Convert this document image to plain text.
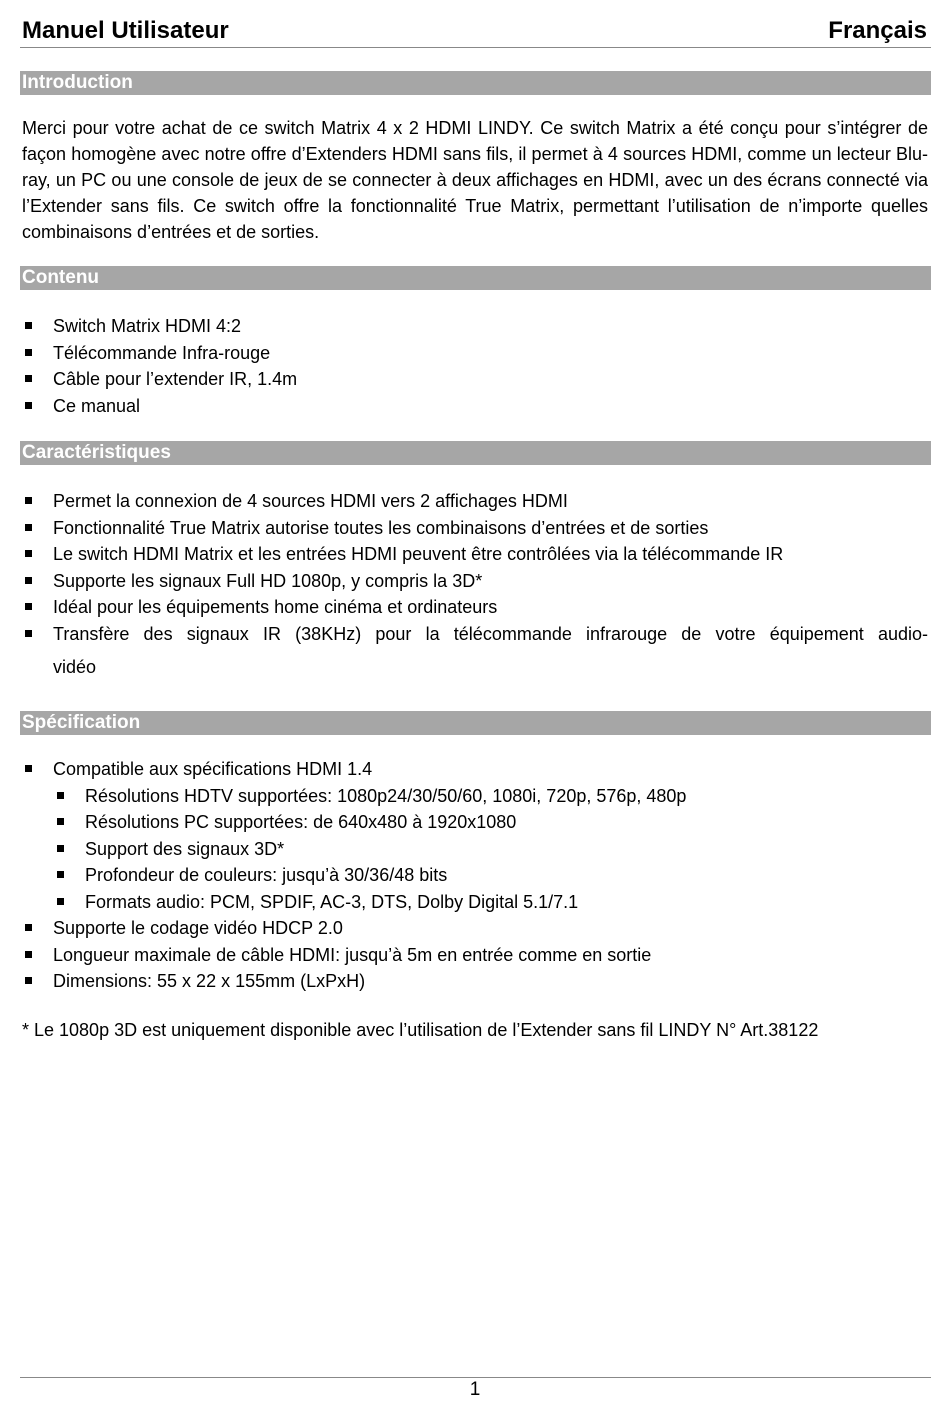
Manuel Utilisateur	Français
Introduction
Merci pour votre achat de ce switch Matrix 4 x 2 HDMI LINDY. Ce switch Matrix a été conçu pour s’intégrer de façon homogène avec notre offre d’Extenders HDMI sans fils, il permet à 4 sources HDMI, comme un lecteur Blu-ray, un PC ou une console de jeux de se connecter à deux affichages en HDMI, avec un des écrans connecté via l’Extender sans fils. Ce switch offre la fonctionnalité True Matrix, permettant l’utilisation de n’importe quelles combinaisons d’entrées et de sorties.
Contenu
Switch Matrix HDMI 4:2
Télécommande Infra-rouge
Câble pour l’extender IR, 1.4m
Ce manual
Caractéristiques
Permet la connexion de 4 sources HDMI vers 2 affichages HDMI
Fonctionnalité True Matrix autorise toutes les combinaisons d’entrées et de sorties
Le switch HDMI Matrix et les entrées HDMI peuvent être contrôlées via la télécommande IR
Supporte les signaux Full HD 1080p, y compris la 3D*
Idéal pour les équipements home cinéma et ordinateurs
Transfère des signaux IR (38KHz) pour la télécommande infrarouge de votre équipement audio-
vidéo
Spécification
Compatible aux spécifications HDMI 1.4
Résolutions HDTV supportées: 1080p24/30/50/60, 1080i, 720p, 576p, 480p
Résolutions PC supportées: de 640x480 à 1920x1080
Support des signaux 3D*
Profondeur de couleurs: jusqu’à 30/36/48 bits
Formats audio: PCM, SPDIF, AC-3, DTS, Dolby Digital 5.1/7.1
Supporte le codage vidéo HDCP 2.0
Longueur maximale de câble HDMI: jusqu’à 5m en entrée comme en sortie
Dimensions: 55 x 22 x 155mm (LxPxH)
* Le 1080p 3D est uniquement disponible avec l’utilisation de l’Extender sans fil LINDY N° Art.38122
1
